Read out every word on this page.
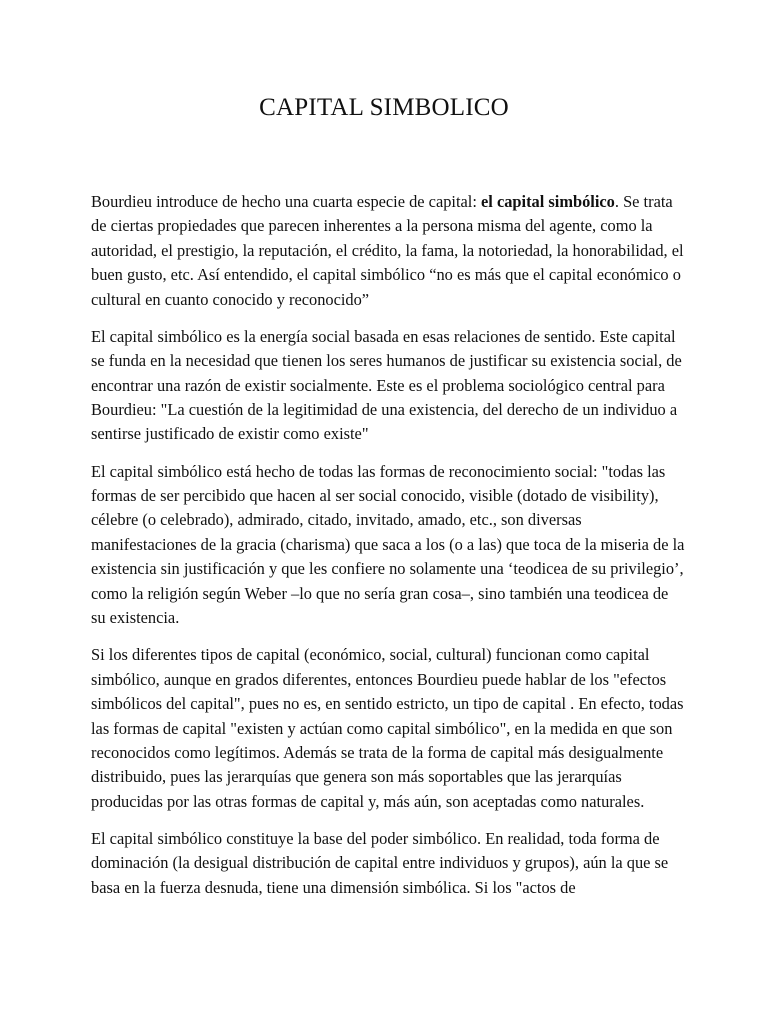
CAPITAL SIMBOLICO

Bourdieu introduce de hecho una cuarta especie de capital: el capital simbólico. Se trata de ciertas propiedades que parecen inherentes a la persona misma del agente, como la autoridad, el prestigio, la reputación, el crédito, la fama, la notoriedad, la honorabilidad, el buen gusto, etc. Así entendido, el capital simbólico “no es más que el capital económico o cultural en cuanto conocido y reconocido”

El capital simbólico es la energía social basada en esas relaciones de sentido. Este capital se funda en la necesidad que tienen los seres humanos de justificar su existencia social, de encontrar una razón de existir socialmente. Este es el problema sociológico central para Bourdieu: "La cuestión de la legitimidad de una existencia, del derecho de un individuo a sentirse justificado de existir como existe"

El capital simbólico está hecho de todas las formas de reconocimiento social: "todas las formas de ser percibido que hacen al ser social conocido, visible (dotado de visibility), célebre (o celebrado), admirado, citado, invitado, amado, etc., son diversas manifestaciones de la gracia (charisma) que saca a los (o a las) que toca de la miseria de la existencia sin justificación y que les confiere no solamente una ‘teodicea de su privilegio’, como la religión según Weber –lo que no sería gran cosa–, sino también una teodicea de su existencia.

Si los diferentes tipos de capital (económico, social, cultural) funcionan como capital simbólico, aunque en grados diferentes, entonces Bourdieu puede hablar de los "efectos simbólicos del capital", pues no es, en sentido estricto, un tipo de capital . En efecto, todas las formas de capital "existen y actúan como capital simbólico", en la medida en que son reconocidos como legítimos. Además se trata de la forma de capital más desigualmente distribuido, pues las jerarquías que genera son más soportables que las jerarquías producidas por las otras formas de capital y, más aún, son aceptadas como naturales.

El capital simbólico constituye la base del poder simbólico. En realidad, toda forma de dominación (la desigual distribución de capital entre individuos y grupos), aún la que se basa en la fuerza desnuda, tiene una dimensión simbólica. Si los "actos de
